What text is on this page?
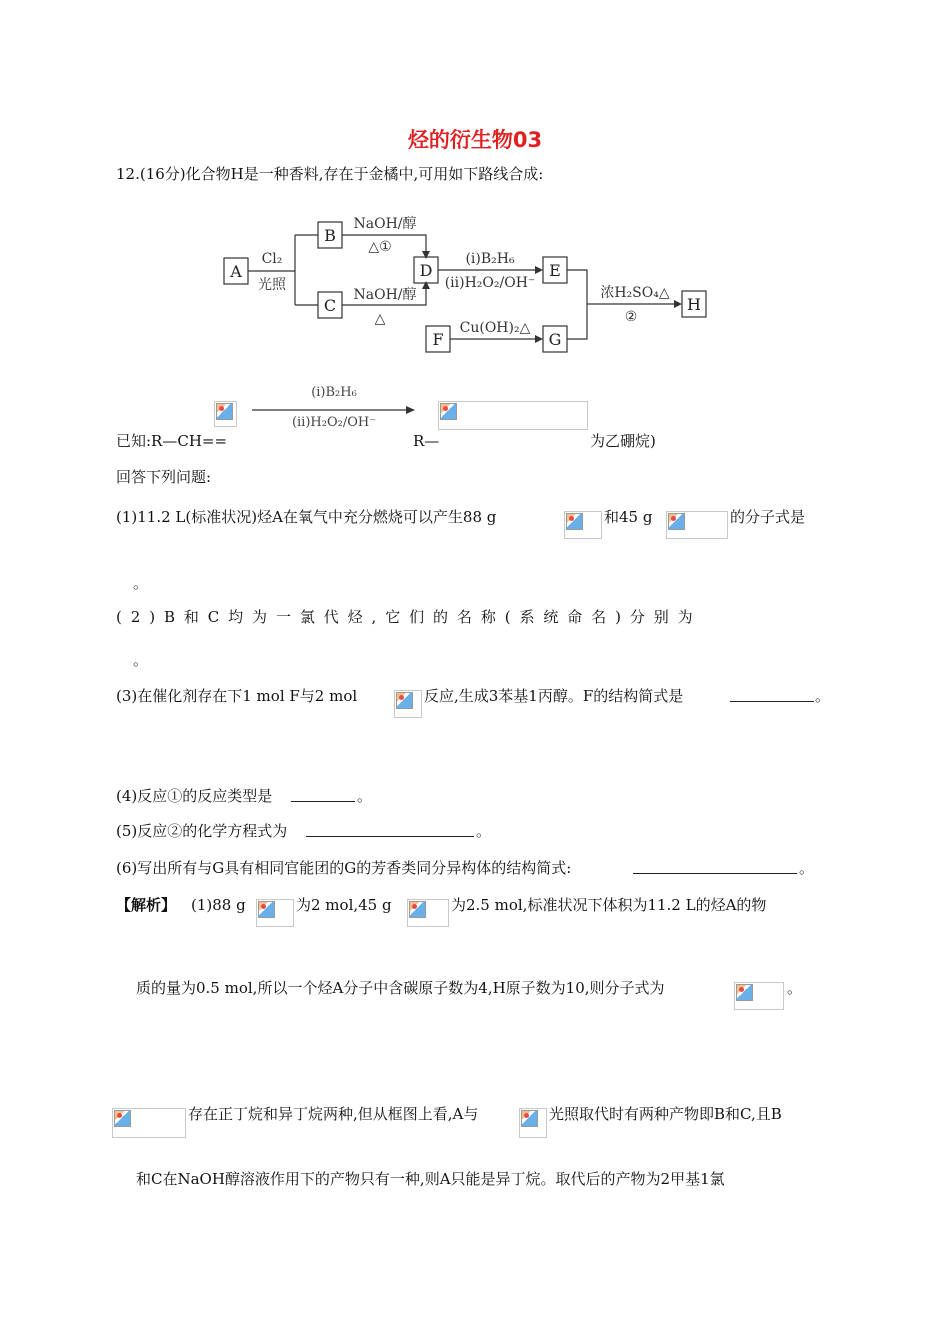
烃的衍生物03
12.(16分)化合物H是一种香料,存在于金橘中,可用如下路线合成:
A
B
C
D	E
F	G
H
Cl₂
光照
NaOH/醇
△①
NaOH/醇
△
(i)B₂H₆
(ii)H₂O₂/OH⁻
Cu(OH)₂△
浓H₂SO₄△
②
(ⅰ)B₂H₆
(ⅱ)H₂O₂/OH⁻
已知:R—CH==	R—	为乙硼烷)
回答下列问题:
(1)11.2 L(标准状况)烃A在氧气中充分燃烧可以产生88 g	和45 g	的分子式是
。
(2)B和C均为一氯代烃,它们的名称(系统命名)分别为
。
(3)在催化剂存在下1 mol F与2 mol	反应,生成3苯基1丙醇。F的结构简式是	。
(4)反应①的反应类型是	。
(5)反应②的化学方程式为	。
(6)写出所有与G具有相同官能团的G的芳香类同分异构体的结构简式:	。
【解析】 (1)88 g	为2 mol,45 g	为2.5 mol,标准状况下体积为11.2 L的烃A的物
质的量为0.5 mol,所以一个烃A分子中含碳原子数为4,H原子数为10,则分子式为	。
存在正丁烷和异丁烷两种,但从框图上看,A与	光照取代时有两种产物即B和C,且B
和C在NaOH醇溶液作用下的产物只有一种,则A只能是异丁烷。取代后的产物为2甲基1氯
